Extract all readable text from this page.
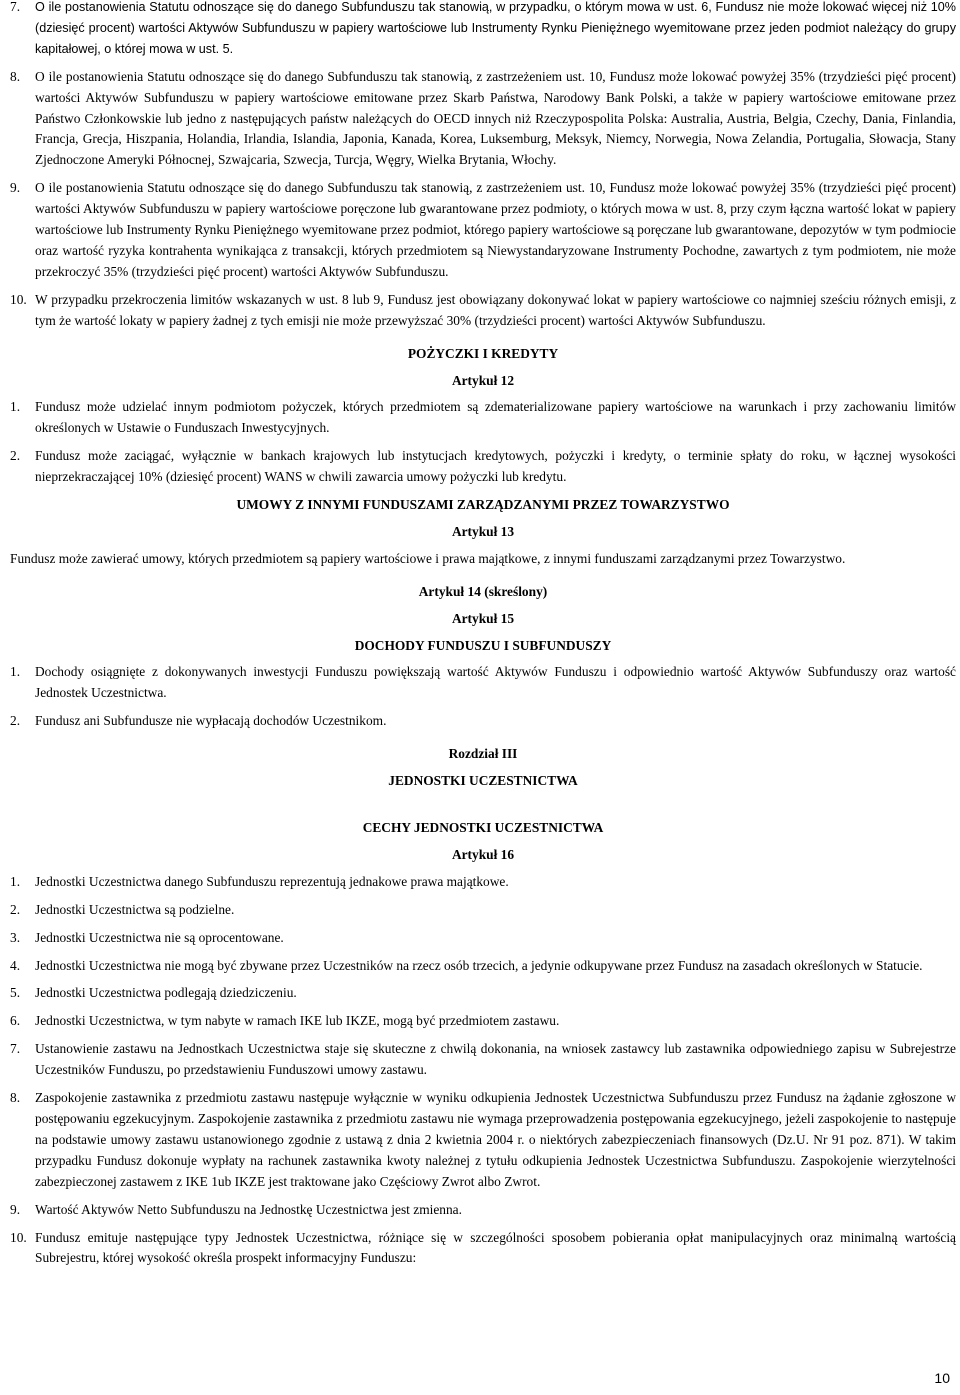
7.	O ile postanowienia Statutu odnoszące się do danego Subfunduszu tak stanowią, w przypadku, o którym mowa w ust. 6, Fundusz nie może lokować więcej niż 10% (dziesięć procent) wartości Aktywów Subfunduszu w papiery wartościowe lub Instrumenty Rynku Pieniężnego wyemitowane przez jeden podmiot należący do grupy kapitałowej, o której mowa w ust. 5.
8.	O ile postanowienia Statutu odnoszące się do danego Subfunduszu tak stanowią, z zastrzeżeniem ust. 10, Fundusz może lokować powyżej 35% (trzydzieści pięć procent) wartości Aktywów Subfunduszu w papiery wartościowe emitowane przez Skarb Państwa, Narodowy Bank Polski, a także w papiery wartościowe emitowane przez Państwo Członkowskie lub jedno z następujących państw należących do OECD innych niż Rzeczypospolita Polska: Australia, Austria, Belgia, Czechy, Dania, Finlandia, Francja, Grecja, Hiszpania, Holandia, Irlandia, Islandia, Japonia, Kanada, Korea, Luksemburg, Meksyk, Niemcy, Norwegia, Nowa Zelandia, Portugalia, Słowacja, Stany Zjednoczone Ameryki Północnej, Szwajcaria, Szwecja, Turcja, Węgry, Wielka Brytania, Włochy.
9.	O ile postanowienia Statutu odnoszące się do danego Subfunduszu tak stanowią, z zastrzeżeniem ust. 10, Fundusz może lokować powyżej 35% (trzydzieści pięć procent) wartości Aktywów Subfunduszu w papiery wartościowe poręczone lub gwarantowane przez podmioty, o których mowa w ust. 8, przy czym łączna wartość lokat w papiery wartościowe lub Instrumenty Rynku Pieniężnego wyemitowane przez podmiot, którego papiery wartościowe są poręczane lub gwarantowane, depozytów w tym podmiocie oraz wartość ryzyka kontrahenta wynikająca z transakcji, których przedmiotem są Niewystandaryzowane Instrumenty Pochodne, zawartych z tym podmiotem, nie może przekroczyć 35% (trzydzieści pięć procent) wartości Aktywów Subfunduszu.
10. W przypadku przekroczenia limitów wskazanych w ust. 8 lub 9, Fundusz jest obowiązany dokonywać lokat w papiery wartościowe co najmniej sześciu różnych emisji, z tym że wartość lokaty w papiery żadnej z tych emisji nie może przewyższać 30% (trzydzieści procent) wartości Aktywów Subfunduszu.
POŻYCZKI I KREDYTY
Artykuł 12
1.	Fundusz może udzielać innym podmiotom pożyczek, których przedmiotem są zdematerializowane papiery wartościowe na warunkach i przy zachowaniu limitów określonych w Ustawie o Funduszach Inwestycyjnych.
2.	Fundusz może zaciągać, wyłącznie w bankach krajowych lub instytucjach kredytowych, pożyczki i kredyty, o terminie spłaty do roku, w łącznej wysokości nieprzekraczającej 10% (dziesięć procent) WANS w chwili zawarcia umowy pożyczki lub kredytu.
UMOWY Z INNYMI FUNDUSZAMI ZARZĄDZANYMI PRZEZ TOWARZYSTWO
Artykuł 13
Fundusz może zawierać umowy, których przedmiotem są papiery wartościowe i prawa majątkowe, z innymi funduszami zarządzanymi przez Towarzystwo.
Artykuł 14 (skreślony)
Artykuł 15
DOCHODY FUNDUSZU I SUBFUNDUSZY
1.	Dochody osiągnięte z dokonywanych inwestycji Funduszu powiększają wartość Aktywów Funduszu i odpowiednio wartość Aktywów Subfunduszy oraz wartość Jednostek Uczestnictwa.
2.	Fundusz ani Subfundusze nie wypłacają dochodów Uczestnikom.
Rozdział III
JEDNOSTKI UCZESTNICTWA
CECHY JEDNOSTKI UCZESTNICTWA
Artykuł 16
1.	Jednostki Uczestnictwa danego Subfunduszu reprezentują jednakowe prawa majątkowe.
2.	Jednostki Uczestnictwa są podzielne.
3.	Jednostki Uczestnictwa nie są oprocentowane.
4.	Jednostki Uczestnictwa nie mogą być zbywane przez Uczestników na rzecz osób trzecich, a jedynie odkupywane przez Fundusz na zasadach określonych w Statucie.
5.	Jednostki Uczestnictwa podlegają dziedziczeniu.
6.	Jednostki Uczestnictwa, w tym nabyte w ramach IKE lub IKZE, mogą być przedmiotem zastawu.
7.	Ustanowienie zastawu na Jednostkach Uczestnictwa staje się skuteczne z chwilą dokonania, na wniosek zastawcy lub zastawnika odpowiedniego zapisu w Subrejestrze Uczestników Funduszu, po przedstawieniu Funduszowi umowy zastawu.
8.	Zaspokojenie zastawnika z przedmiotu zastawu następuje wyłącznie w wyniku odkupienia Jednostek Uczestnictwa Subfunduszu przez Fundusz na żądanie zgłoszone w postępowaniu egzekucyjnym. Zaspokojenie zastawnika z przedmiotu zastawu nie wymaga przeprowadzenia postępowania egzekucyjnego, jeżeli zaspokojenie to następuje na podstawie umowy zastawu ustanowionego zgodnie z ustawą z dnia 2 kwietnia 2004 r. o niektórych zabezpieczeniach finansowych (Dz.U. Nr 91 poz. 871). W takim przypadku Fundusz dokonuje wypłaty na rachunek zastawnika kwoty należnej z tytułu odkupienia Jednostek Uczestnictwa Subfunduszu. Zaspokojenie wierzytelności zabezpieczonej zastawem z IKE 1ub IKZE jest traktowane jako Częściowy Zwrot albo Zwrot.
9.	Wartość Aktywów Netto Subfunduszu na Jednostkę Uczestnictwa jest zmienna.
10. Fundusz emituje następujące typy Jednostek Uczestnictwa, różniące się w szczególności sposobem pobierania opłat manipulacyjnych oraz minimalną wartością Subrejestru, której wysokość określa prospekt informacyjny Funduszu:
10
